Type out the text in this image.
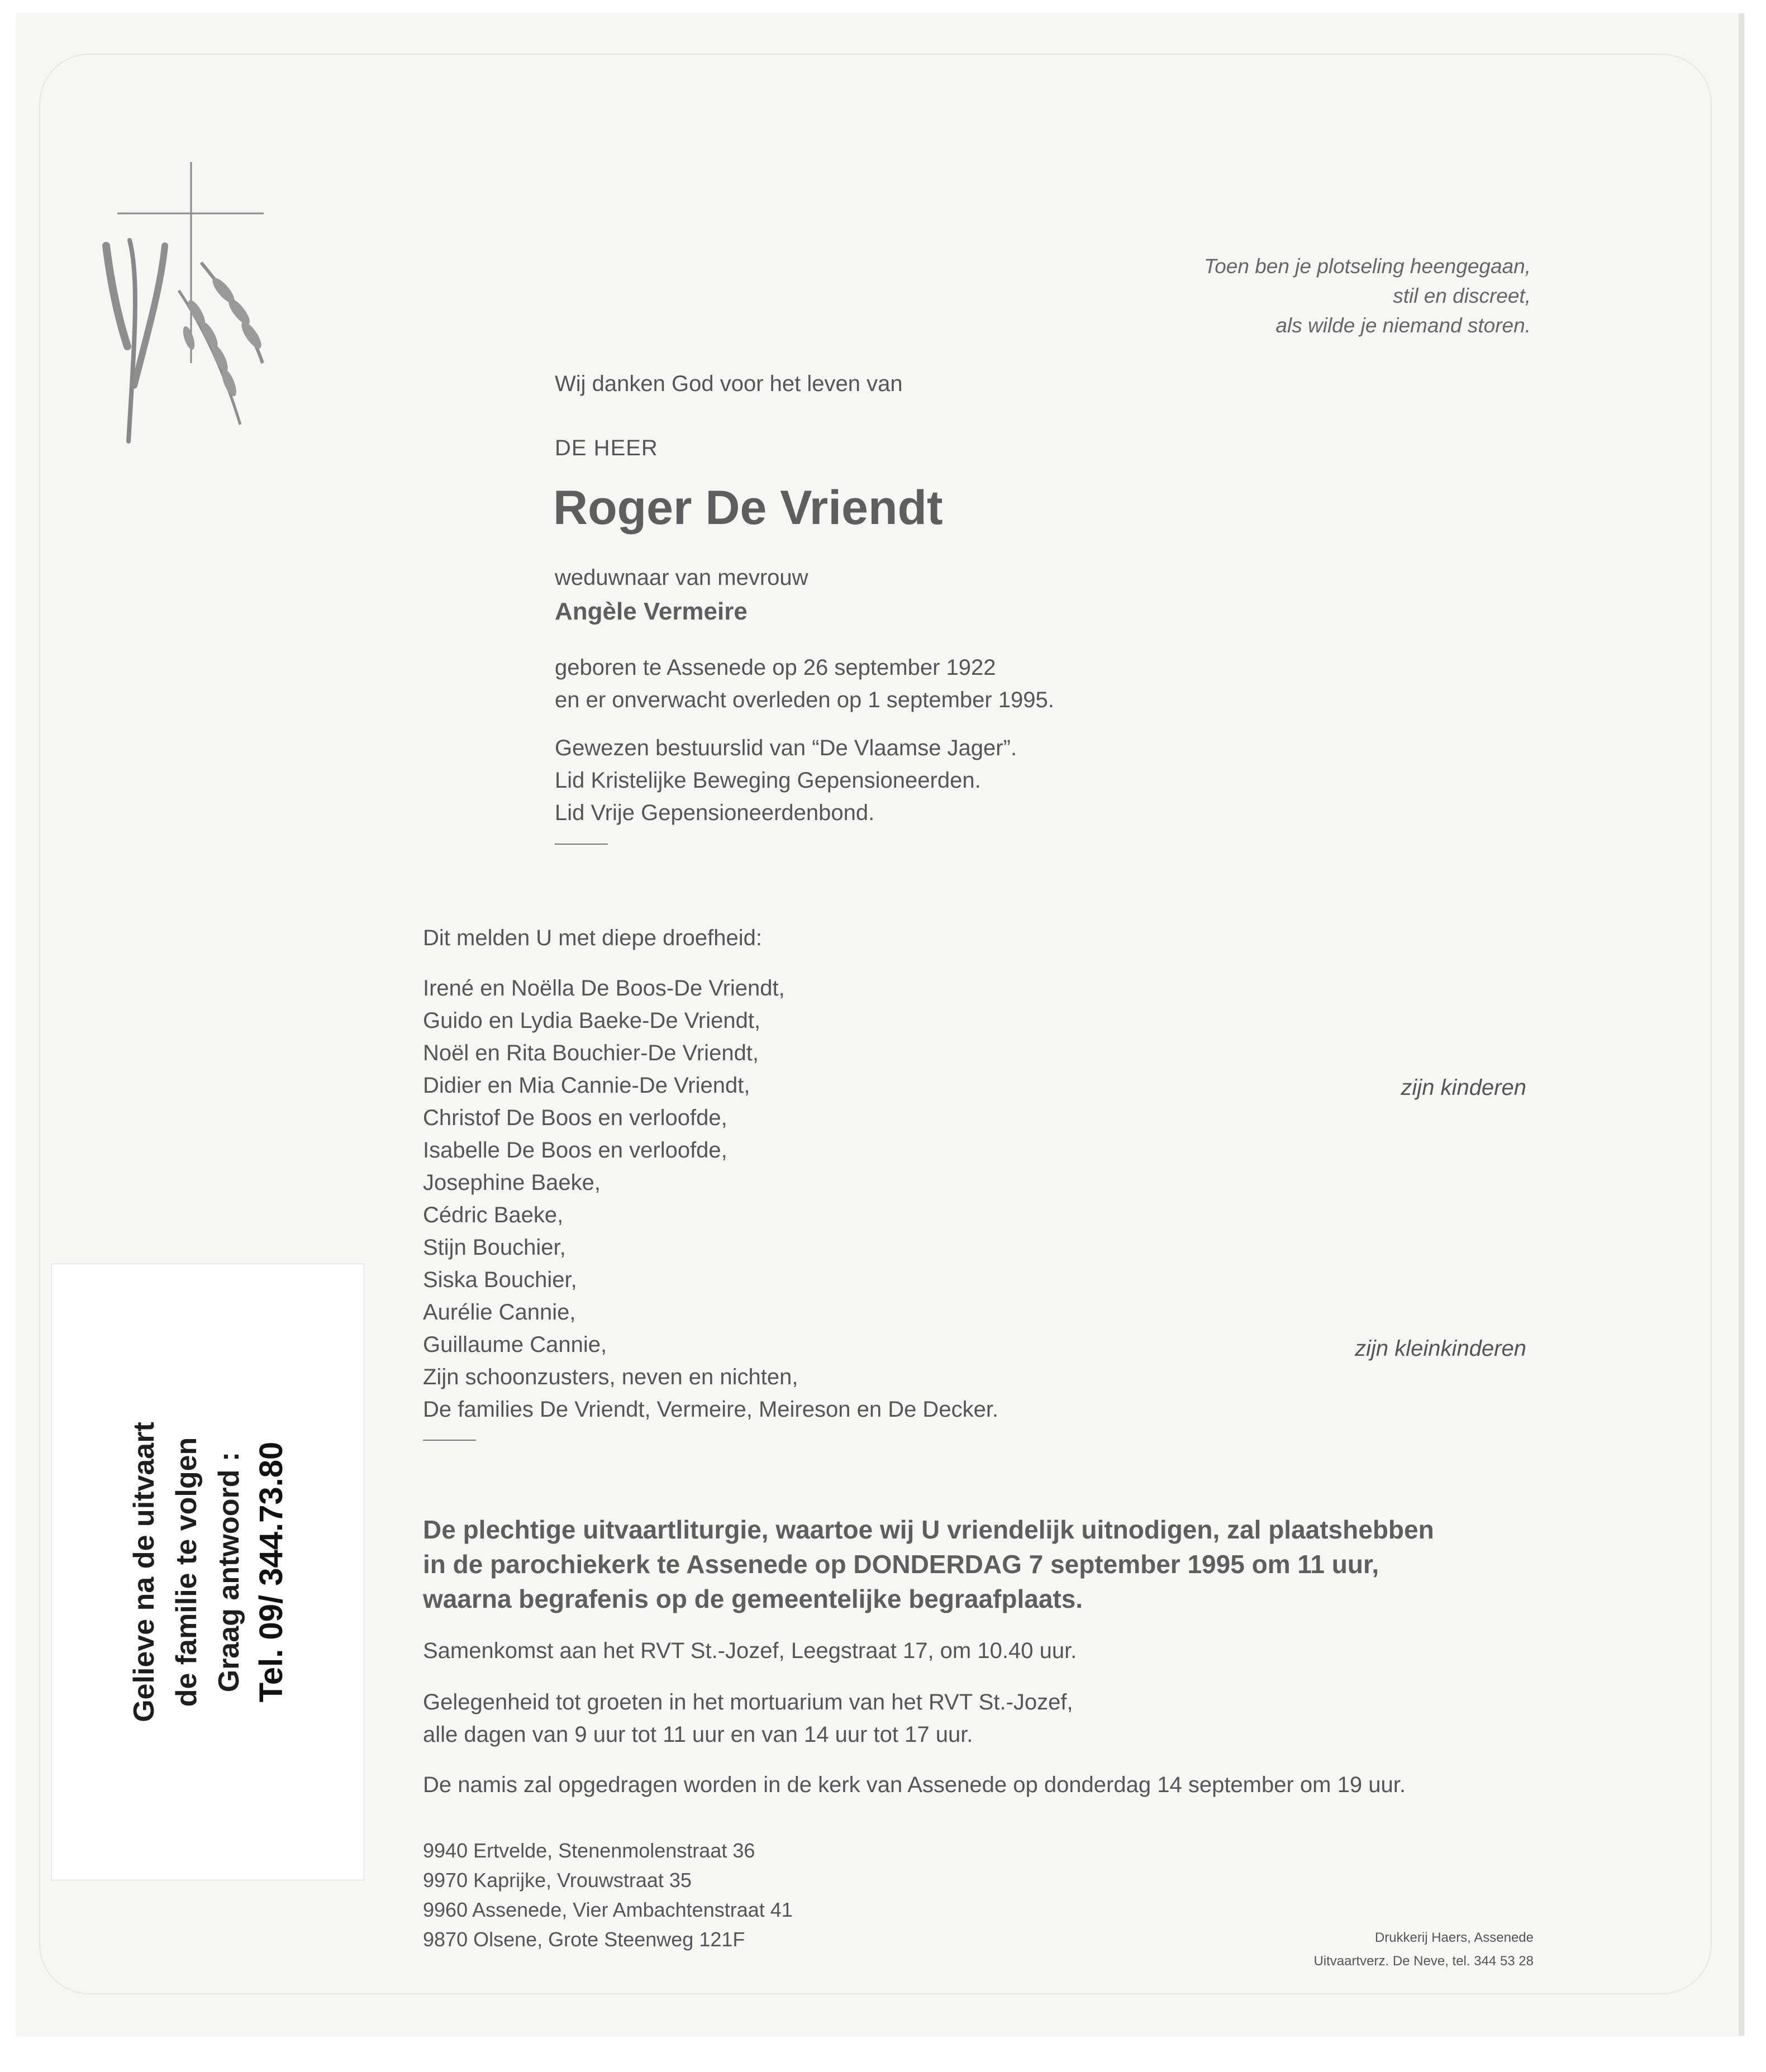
Toen ben je plotseling heengegaan,
stil en discreet,
als wilde je niemand storen.
Wij danken God voor het leven van
DE HEER
Roger De Vriendt
weduwnaar van mevrouw
Angèle Vermeire
geboren te Assenede op 26 september 1922
en er onverwacht overleden op 1 september 1995.
Gewezen bestuurslid van “De Vlaamse Jager”.
Lid Kristelijke Beweging Gepensioneerden.
Lid Vrije Gepensioneerdenbond.
Dit melden U met diepe droefheid:
Irené en Noëlla De Boos-De Vriendt,
Guido en Lydia Baeke-De Vriendt,
Noël en Rita Bouchier-De Vriendt,
Didier en Mia Cannie-De Vriendt,
Christof De Boos en verloofde,
Isabelle De Boos en verloofde,
Josephine Baeke,
Cédric Baeke,
Stijn Bouchier,
Siska Bouchier,
Aurélie Cannie,
Guillaume Cannie,
Zijn schoonzusters, neven en nichten,
De families De Vriendt, Vermeire, Meireson en De Decker.
zijn kinderen
zijn kleinkinderen
De plechtige uitvaartliturgie, waartoe wij U vriendelijk uitnodigen, zal plaatshebben
in de parochiekerk te Assenede op DONDERDAG 7 september 1995 om 11 uur,
waarna begrafenis op de gemeentelijke begraafplaats.
Samenkomst aan het RVT St.-Jozef, Leegstraat 17, om 10.40 uur.
Gelegenheid tot groeten in het mortuarium van het RVT St.-Jozef,
alle dagen van 9 uur tot 11 uur en van 14 uur tot 17 uur.
De namis zal opgedragen worden in de kerk van Assenede op donderdag 14 september om 19 uur.
9940 Ertvelde, Stenenmolenstraat 36
9970 Kaprijke, Vrouwstraat 35
9960 Assenede, Vier Ambachtenstraat 41
9870 Olsene, Grote Steenweg 121F	Drukkerij Haers, Assenede
Uitvaartverz. De Neve, tel. 344 53 28
Gelieve na de uitvaart de familie te volgen Graag antwoord : Tel. 09/ 344.73.80
